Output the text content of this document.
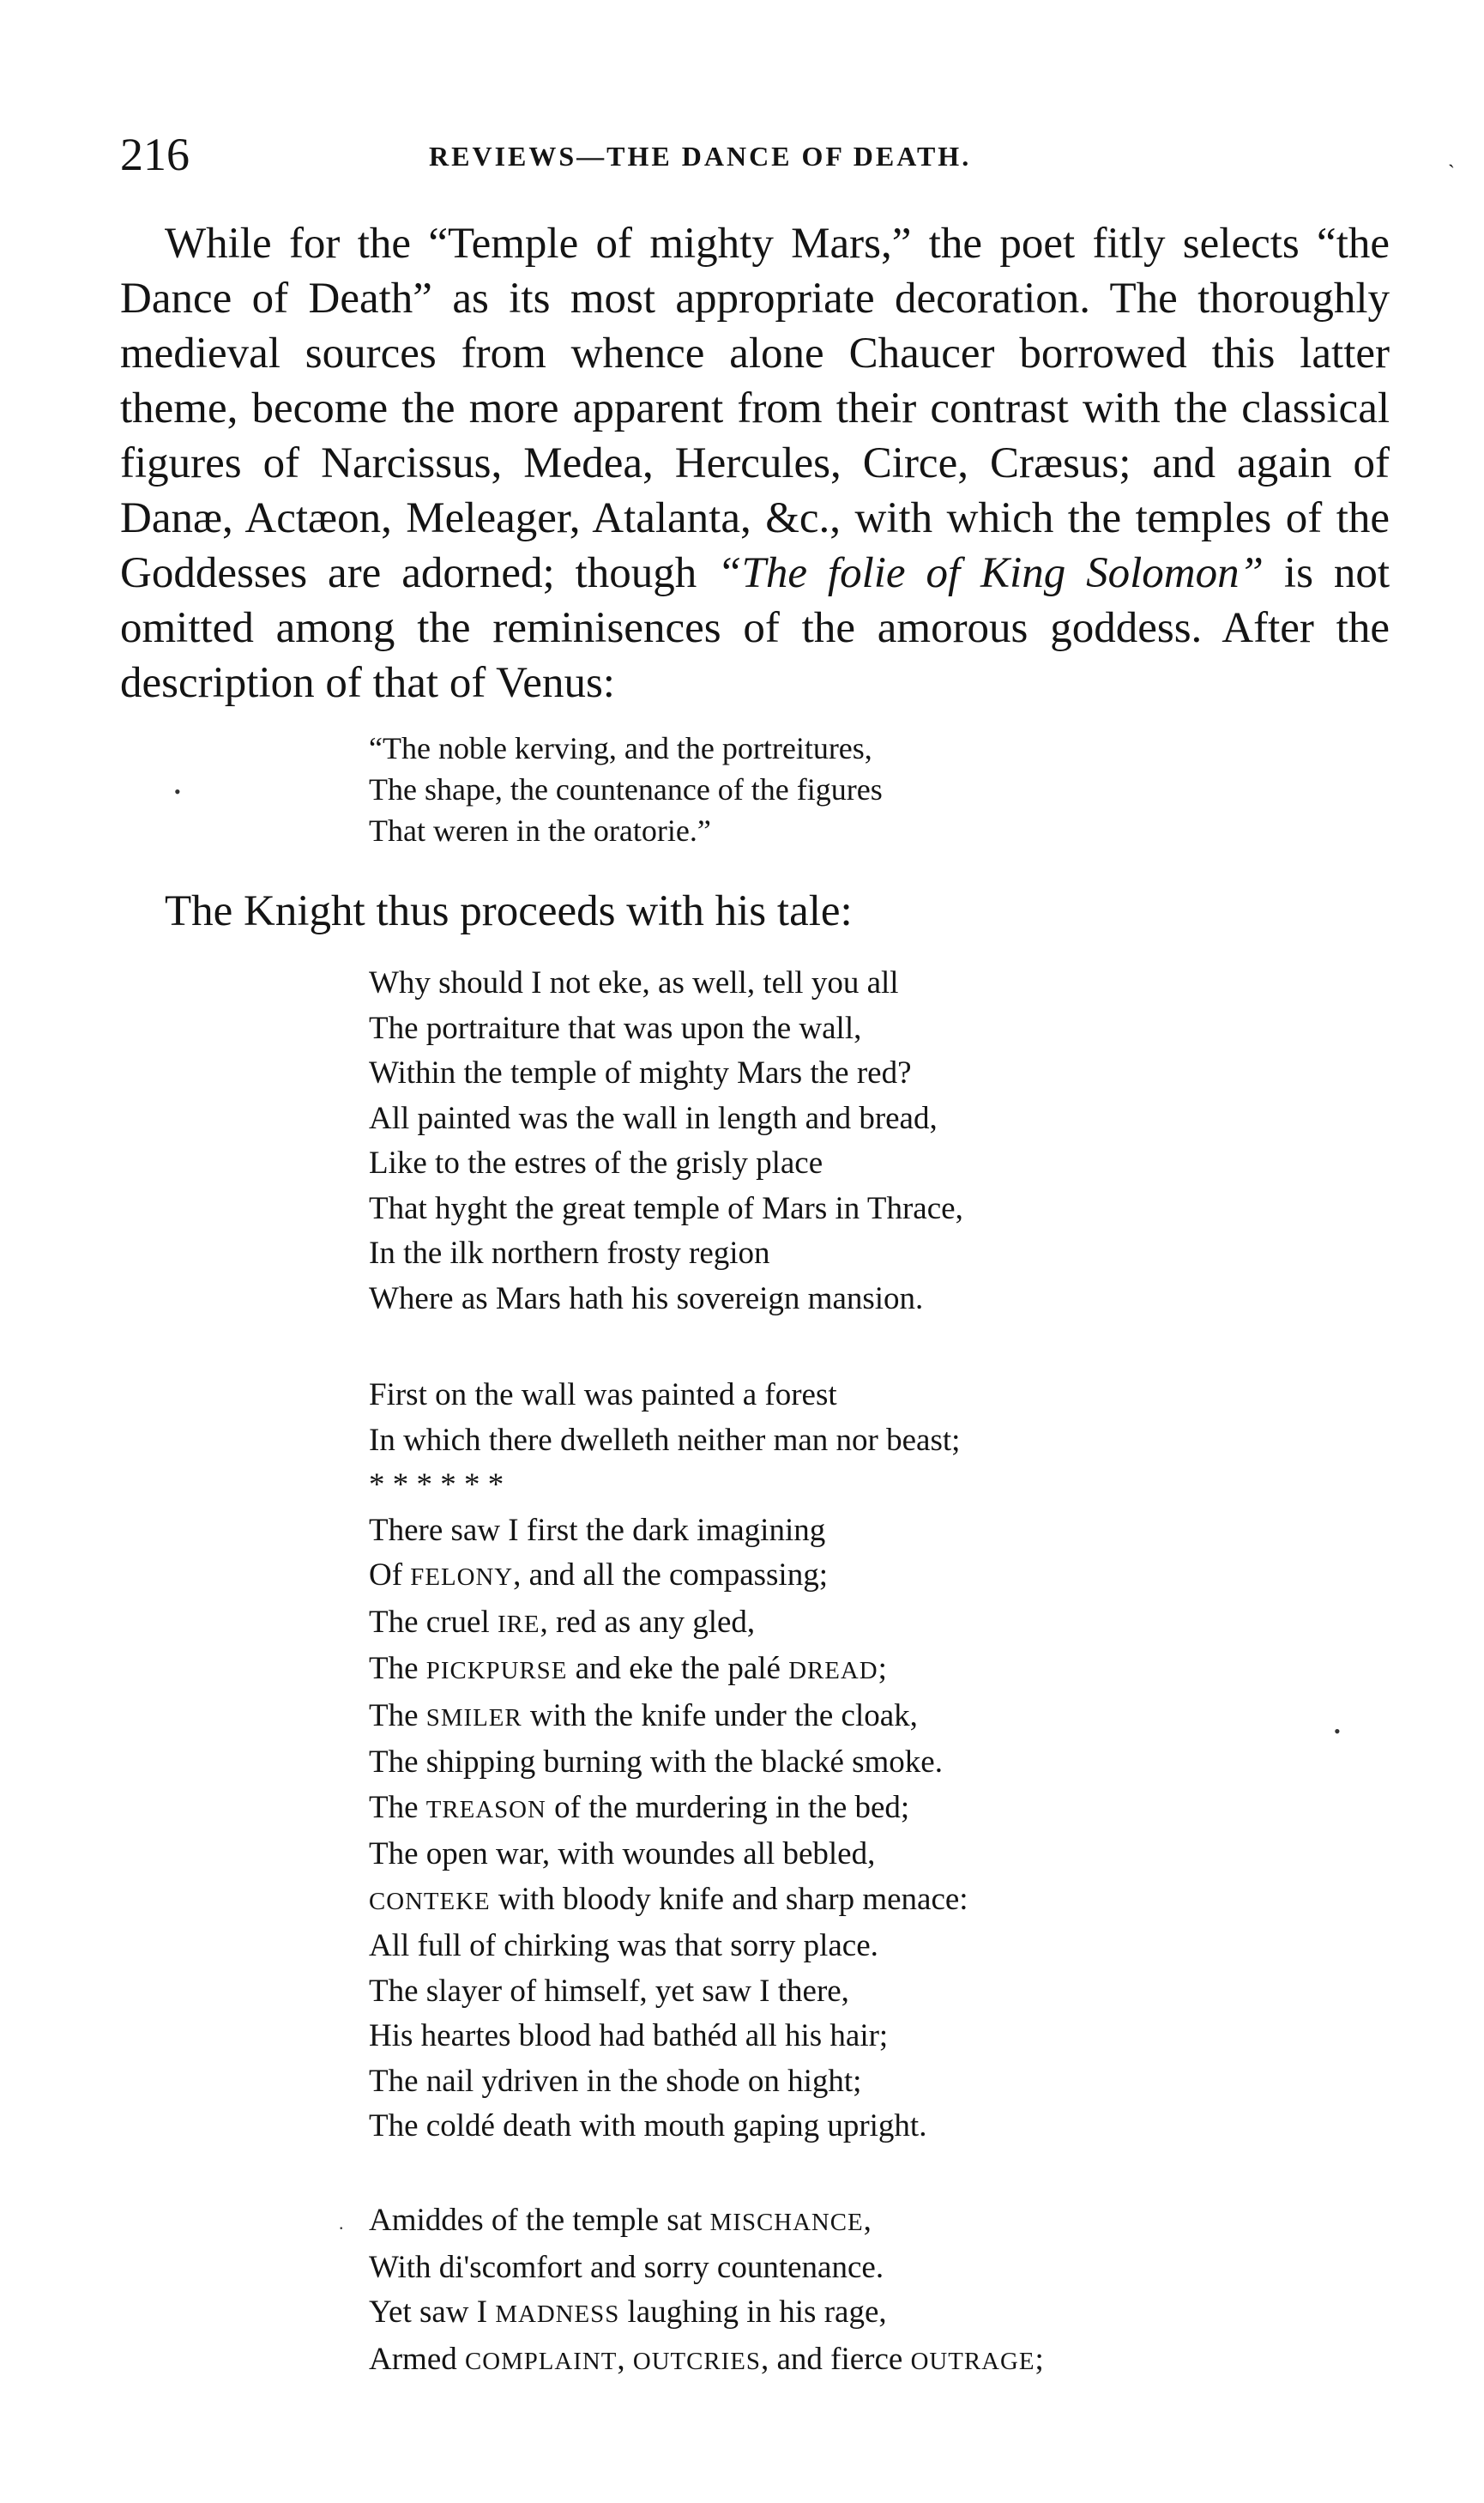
216	REVIEWS—THE DANCE OF DEATH.	ˎ

While for the “Temple of mighty Mars,” the poet fitly selects “the Dance of Death” as its most appropriate decoration. The thoroughly medieval sources from whence alone Chaucer borrowed this latter theme, become the more apparent from their contrast with the classical figures of Narcissus, Medea, Hercules, Circe, Cræsus; and again of Danæ, Actæon, Meleager, Atalanta, &c., with which the temples of the Goddesses are adorned; though “The folie of King Solomon” is not omitted among the reminisences of the amorous goddess. After the description of that of Venus:

•
“The noble kerving, and the portreitures,
The shape, the countenance of the figures
That weren in the oratorie.”
The Knight thus proceeds with his tale:
Why should I not eke, as well, tell you all
The portraiture that was upon the wall,
Within the temple of mighty Mars the red?
All painted was the wall in length and bread,
Like to the estres of the grisly place
That hyght the great temple of Mars in Thrace,
In the ilk northern frosty region
Where as Mars hath his sovereign mansion.
First on the wall was painted a forest
In which there dwelleth neither man nor beast;
* * * * * *
There saw I first the dark imagining
Of FELONY, and all the compassing;
The cruel IRE, red as any gled,
The PICKPURSE and eke the palé DREAD;
The SMILER with the knife under the cloak,
The shipping burning with the blacké smoke.
The TREASON of the murdering in the bed;
The open war, with woundes all bebled,
CONTEKE with bloody knife and sharp menace:
All full of chirking was that sorry place.
The slayer of himself, yet saw I there,
His heartes blood had bathéd all his hair;
The nail ydriven in the shode on hight;
The coldé death with mouth gaping upright.
•
. Amiddes of the temple sat MISCHANCE,
With di'scomfort and sorry countenance.
Yet saw I MADNESS laughing in his rage,
Armed COMPLAINT, OUTCRIES, and fierce OUTRAGE;
